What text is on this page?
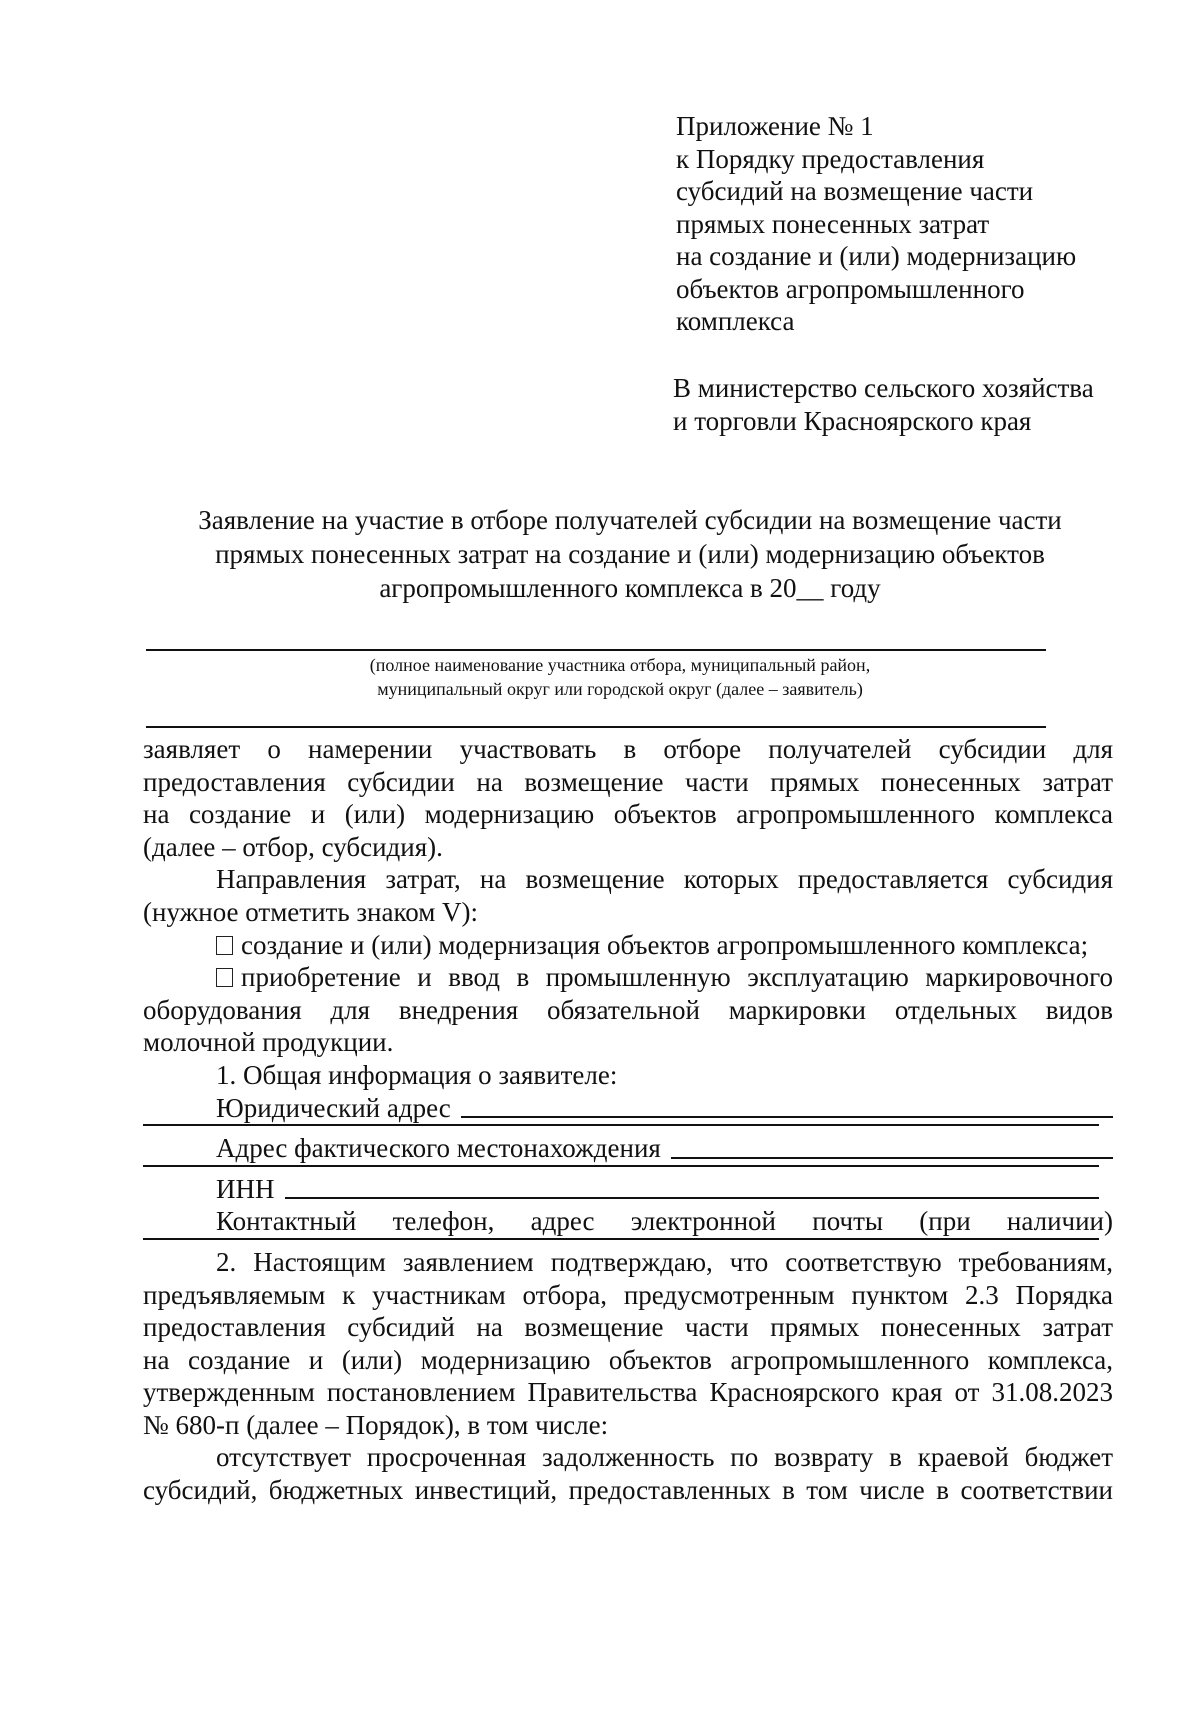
Приложение № 1
к Порядку предоставления
субсидий на возмещение части
прямых понесенных затрат
на создание и (или) модернизацию
объектов агропромышленного
комплекса
В министерство сельского хозяйства
и торговли Красноярского края
Заявление на участие в отборе получателей субсидии на возмещение части
прямых понесенных затрат на создание и (или) модернизацию объектов
агропромышленного комплекса в 20__ году
(полное наименование участника отбора, муниципальный район,
муниципальный округ или городской округ (далее – заявитель)
заявляет о намерении участвовать в отборе получателей субсидии для
предоставления субсидии на возмещение части прямых понесенных затрат
на создание и (или) модернизацию объектов агропромышленного комплекса
(далее – отбор, субсидия).
Направления затрат, на возмещение которых предоставляется субсидия
(нужное отметить знаком V):
создание и (или) модернизация объектов агропромышленного комплекса;
приобретение и ввод в промышленную эксплуатацию маркировочного
оборудования для внедрения обязательной маркировки отдельных видов
молочной продукции.
1. Общая информация о заявителе:
Юридический адрес
Адрес фактического местонахождения
ИНН
Контактный телефон, адрес электронной почты (при наличии)
2. Настоящим заявлением подтверждаю, что соответствую требованиям,
предъявляемым к участникам отбора, предусмотренным пунктом 2.3 Порядка
предоставления субсидий на возмещение части прямых понесенных затрат
на создание и (или) модернизацию объектов агропромышленного комплекса,
утвержденным постановлением Правительства Красноярского края от 31.08.2023
№ 680-п (далее – Порядок), в том числе:
отсутствует просроченная задолженность по возврату в краевой бюджет
субсидий, бюджетных инвестиций, предоставленных в том числе в соответствии
